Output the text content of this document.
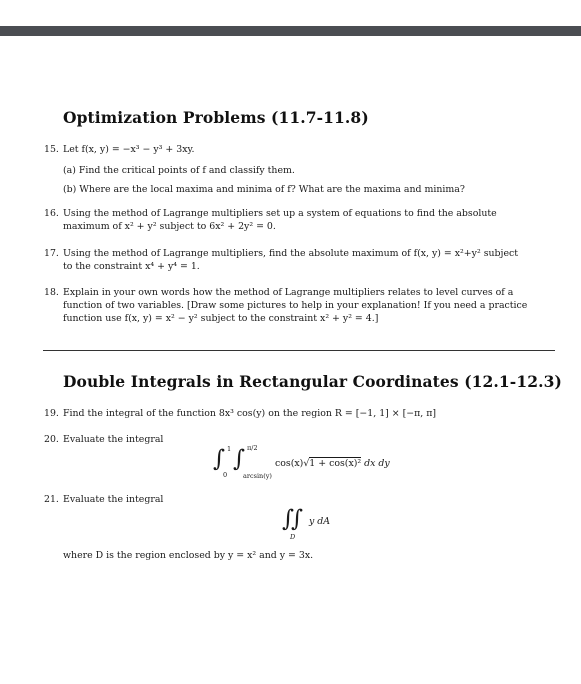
Optimization Problems (11.7-11.8)
15. Let f(x, y) = −x³ − y³ + 3xy.
(a) Find the critical points of f and classify them.
(b) Where are the local maxima and minima of f? What are the maxima and minima?
16. Using the method of Lagrange multipliers set up a system of equations to find the absolute
maximum of x² + y² subject to 6x² + 2y² = 0.
17. Using the method of Lagrange multipliers, find the absolute maximum of f(x, y) = x²+y² subject
to the constraint x⁴ + y⁴ = 1.
18. Explain in your own words how the method of Lagrange multipliers relates to level curves of a
function of two variables. [Draw some pictures to help in your explanation! If you need a practice
function use f(x, y) = x² − y² subject to the constraint x² + y² = 4.]
Double Integrals in Rectangular Coordinates (12.1-12.3)
19. Find the integral of the function 8x³ cos(y) on the region R = [−1, 1] × [−π, π]
20. Evaluate the integral
∫ 1
0
∫ π/2
arcsin(y)
cos(x)√1 + cos(x)² dx dy
21. Evaluate the integral
∫
∫
D
y dA
where D is the region enclosed by y = x² and y = 3x.
